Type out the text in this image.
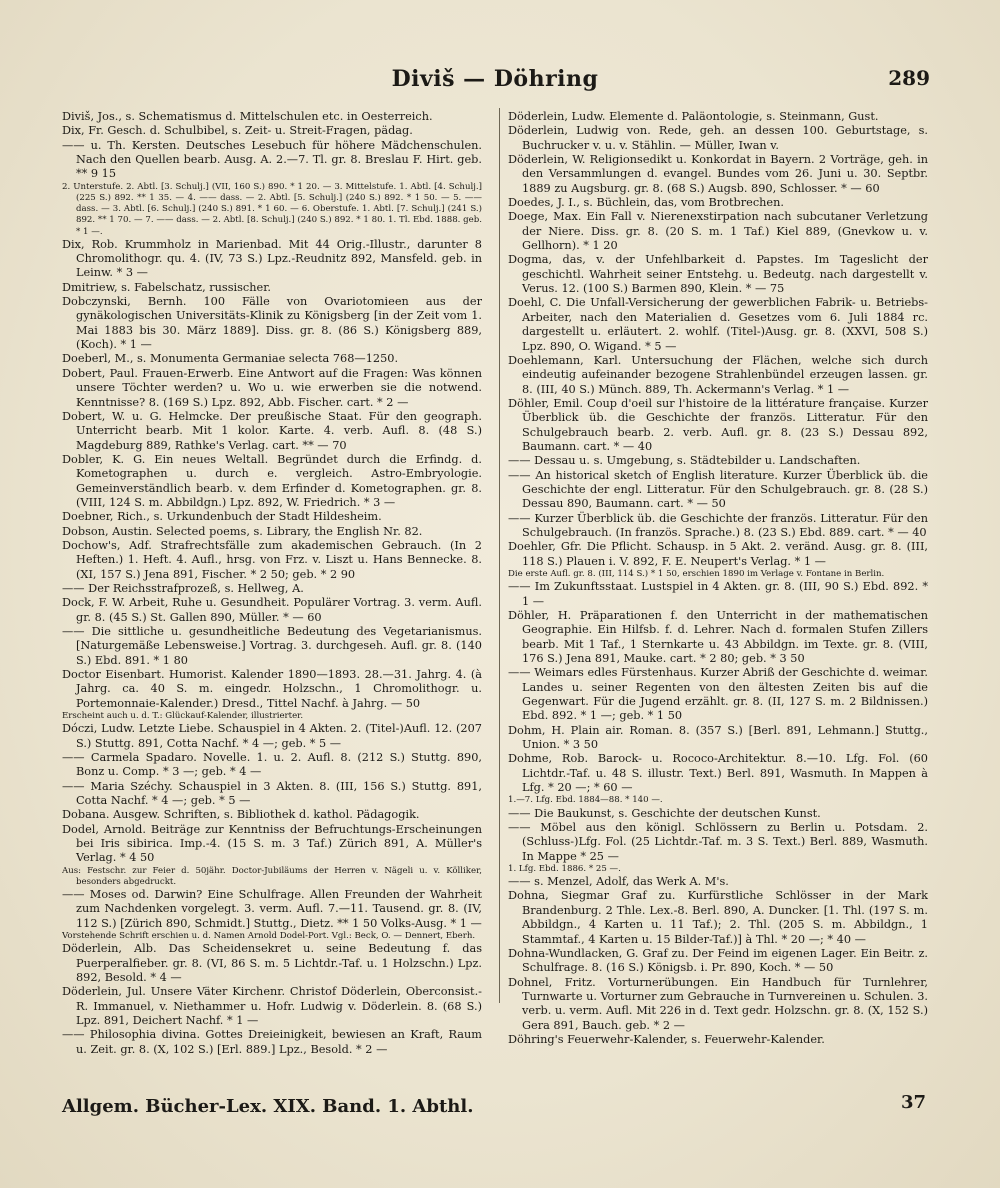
Diviš — Döhring	289

Diviš, Jos., s. Schematismus d. Mittelschulen etc. in Oesterreich.

Dix, Fr. Gesch. d. Schulbibel, s. Zeit- u. Streit-Fragen, pädag.

—— u. Th. Kersten. Deutsches Lesebuch für höhere Mädchenschulen. Nach den Quellen bearb. Ausg. A. 2.—7. Tl. gr. 8. Breslau F. Hirt. geb. ** 9 15

2. Unterstufe. 2. Abtl. [3. Schulj.] (VII, 160 S.) 890. * 1 20. — 3. Mittelstufe. 1. Abtl. [4. Schulj.] (225 S.) 892. ** 1 35. — 4. —— dass. — 2. Abtl. [5. Schulj.] (240 S.) 892. * 1 50. — 5. —— dass. — 3. Abtl. [6. Schulj.] (240 S.) 891. * 1 60. — 6. Oberstufe. 1. Abtl. [7. Schulj.] (241 S.) 892. ** 1 70. — 7. —— dass. — 2. Abtl. [8. Schulj.] (240 S.) 892. * 1 80. 1. Tl. Ebd. 1888. geb. * 1 —.

Dix, Rob. Krummholz in Marienbad. Mit 44 Orig.-Illustr., darunter 8 Chromolithogr. qu. 4. (IV, 73 S.) Lpz.-Reudnitz 892, Mansfeld. geb. in Leinw. * 3 —

Dmitriew, s. Fabelschatz, russischer.

Dobczynski, Bernh. 100 Fälle von Ovariotomieen aus der gynäkologischen Universitäts-Klinik zu Königsberg [in der Zeit vom 1. Mai 1883 bis 30. März 1889]. Diss. gr. 8. (86 S.) Königsberg 889, (Koch). * 1 —

Doeberl, M., s. Monumenta Germaniae selecta 768—1250.

Dobert, Paul. Frauen-Erwerb. Eine Antwort auf die Fragen: Was können unsere Töchter werden? u. Wo u. wie erwerben sie die notwend. Kenntnisse? 8. (169 S.) Lpz. 892, Abb. Fischer. cart. * 2 —

Dobert, W. u. G. Helmcke. Der preußische Staat. Für den geograph. Unterricht bearb. Mit 1 kolor. Karte. 4. verb. Aufl. 8. (48 S.) Magdeburg 889, Rathke's Verlag. cart. ** — 70

Dobler, K. G. Ein neues Weltall. Begründet durch die Erfindg. d. Kometographen u. durch e. vergleich. Astro-Embryologie. Gemeinverständlich bearb. v. dem Erfinder d. Kometographen. gr. 8. (VIII, 124 S. m. Abbildgn.) Lpz. 892, W. Friedrich. * 3 —

Doebner, Rich., s. Urkundenbuch der Stadt Hildesheim.

Dobson, Austin. Selected poems, s. Library, the English Nr. 82.

Dochow's, Adf. Strafrechtsfälle zum akademischen Gebrauch. (In 2 Heften.) 1. Heft. 4. Aufl., hrsg. von Frz. v. Liszt u. Hans Bennecke. 8. (XI, 157 S.) Jena 891, Fischer. * 2 50; geb. * 2 90

—— Der Reichsstrafprozeß, s. Hellweg, A.

Dock, F. W. Arbeit, Ruhe u. Gesundheit. Populärer Vortrag. 3. verm. Aufl. gr. 8. (45 S.) St. Gallen 890, Müller. * — 60

—— Die sittliche u. gesundheitliche Bedeutung des Vegetarianismus. [Naturgemäße Lebensweise.] Vortrag. 3. durchgeseh. Aufl. gr. 8. (140 S.) Ebd. 891. * 1 80

Doctor Eisenbart. Humorist. Kalender 1890—1893. 28.—31. Jahrg. 4. (à Jahrg. ca. 40 S. m. eingedr. Holzschn., 1 Chromolithogr. u. Portemonnaie-Kalender.) Dresd., Tittel Nachf. à Jahrg. — 50

Erscheint auch u. d. T.: Glückauf-Kalender, illustrierter.

Dóczi, Ludw. Letzte Liebe. Schauspiel in 4 Akten. 2. (Titel-)Aufl. 12. (207 S.) Stuttg. 891, Cotta Nachf. * 4 —; geb. * 5 —

—— Carmela Spadaro. Novelle. 1. u. 2. Aufl. 8. (212 S.) Stuttg. 890, Bonz u. Comp. * 3 —; geb. * 4 —

—— Maria Széchy. Schauspiel in 3 Akten. 8. (III, 156 S.) Stuttg. 891, Cotta Nachf. * 4 —; geb. * 5 —

Dobana. Ausgew. Schriften, s. Bibliothek d. kathol. Pädagogik.

Dodel, Arnold. Beiträge zur Kenntniss der Befruchtungs-Erscheinungen bei Iris sibirica. Imp.-4. (15 S. m. 3 Taf.) Zürich 891, A. Müller's Verlag. * 4 50

Aus: Festschr. zur Feier d. 50jähr. Doctor-Jubiläums der Herren v. Nägeli u. v. Kölliker, besonders abgedruckt.

—— Moses od. Darwin? Eine Schulfrage. Allen Freunden der Wahrheit zum Nachdenken vorgelegt. 3. verm. Aufl. 7.—11. Tausend. gr. 8. (IV, 112 S.) [Zürich 890, Schmidt.] Stuttg., Dietz. ** 1 50 Volks-Ausg. * 1 —

Vorstehende Schrift erschien u. d. Namen Arnold Dodel-Port. Vgl.: Beck, O. — Dennert, Eberh.

Döderlein, Alb. Das Scheidensekret u. seine Bedeutung f. das Puerperalfieber. gr. 8. (VI, 86 S. m. 5 Lichtdr.-Taf. u. 1 Holzschn.) Lpz. 892, Besold. * 4 —

Döderlein, Jul. Unsere Väter Kirchenr. Christof Döderlein, Oberconsist.-R. Immanuel, v. Niethammer u. Hofr. Ludwig v. Döderlein. 8. (68 S.) Lpz. 891, Deichert Nachf. * 1 —

—— Philosophia divina. Gottes Dreieinigkeit, bewiesen an Kraft, Raum u. Zeit. gr. 8. (X, 102 S.) [Erl. 889.] Lpz., Besold. * 2 —

Döderlein, Ludw. Elemente d. Paläontologie, s. Steinmann, Gust.

Döderlein, Ludwig von. Rede, geh. an dessen 100. Geburtstage, s. Buchrucker v. u. v. Stählin. — Müller, Iwan v.

Döderlein, W. Religionsedikt u. Konkordat in Bayern. 2 Vorträge, geh. in den Versammlungen d. evangel. Bundes vom 26. Juni u. 30. Septbr. 1889 zu Augsburg. gr. 8. (68 S.) Augsb. 890, Schlosser. * — 60

Doedes, J. I., s. Büchlein, das, vom Brotbrechen.

Doege, Max. Ein Fall v. Nierenexstirpation nach subcutaner Verletzung der Niere. Diss. gr. 8. (20 S. m. 1 Taf.) Kiel 889, (Gnevkow u. v. Gellhorn). * 1 20

Dogma, das, v. der Unfehlbarkeit d. Papstes. Im Tageslicht der geschichtl. Wahrheit seiner Entstehg. u. Bedeutg. nach dargestellt v. Verus. 12. (100 S.) Barmen 890, Klein. * — 75

Doehl, C. Die Unfall-Versicherung der gewerblichen Fabrik- u. Betriebs-Arbeiter, nach den Materialien d. Gesetzes vom 6. Juli 1884 rc. dargestellt u. erläutert. 2. wohlf. (Titel-)Ausg. gr. 8. (XXVI, 508 S.) Lpz. 890, O. Wigand. * 5 —

Doehlemann, Karl. Untersuchung der Flächen, welche sich durch eindeutig aufeinander bezogene Strahlenbündel erzeugen lassen. gr. 8. (III, 40 S.) Münch. 889, Th. Ackermann's Verlag. * 1 —

Döhler, Emil. Coup d'oeil sur l'histoire de la littérature française. Kurzer Überblick üb. die Geschichte der französ. Litteratur. Für den Schulgebrauch bearb. 2. verb. Aufl. gr. 8. (23 S.) Dessau 892, Baumann. cart. * — 40

—— Dessau u. s. Umgebung, s. Städtebilder u. Landschaften.

—— An historical sketch of English literature. Kurzer Überblick üb. die Geschichte der engl. Litteratur. Für den Schulgebrauch. gr. 8. (28 S.) Dessau 890, Baumann. cart. * — 50

—— Kurzer Überblick üb. die Geschichte der französ. Litteratur. Für den Schulgebrauch. (In französ. Sprache.) 8. (23 S.) Ebd. 889. cart. * — 40

Doehler, Gfr. Die Pflicht. Schausp. in 5 Akt. 2. veränd. Ausg. gr. 8. (III, 118 S.) Plauen i. V. 892, F. E. Neupert's Verlag. * 1 —

Die erste Aufl. gr. 8. (III, 114 S.) * 1 50, erschien 1890 im Verlage v. Fontane in Berlin.

—— Im Zukunftsstaat. Lustspiel in 4 Akten. gr. 8. (III, 90 S.) Ebd. 892. * 1 —

Döhler, H. Präparationen f. den Unterricht in der mathematischen Geographie. Ein Hilfsb. f. d. Lehrer. Nach d. formalen Stufen Zillers bearb. Mit 1 Taf., 1 Sternkarte u. 43 Abbildgn. im Texte. gr. 8. (VIII, 176 S.) Jena 891, Mauke. cart. * 2 80; geb. * 3 50

—— Weimars edles Fürstenhaus. Kurzer Abriß der Geschichte d. weimar. Landes u. seiner Regenten von den ältesten Zeiten bis auf die Gegenwart. Für die Jugend erzählt. gr. 8. (II, 127 S. m. 2 Bildnissen.) Ebd. 892. * 1 —; geb. * 1 50

Dohm, H. Plain air. Roman. 8. (357 S.) [Berl. 891, Lehmann.] Stuttg., Union. * 3 50

Dohme, Rob. Barock- u. Rococo-Architektur. 8.—10. Lfg. Fol. (60 Lichtdr.-Taf. u. 48 S. illustr. Text.) Berl. 891, Wasmuth. In Mappen à Lfg. * 20 —; * 60 —

1.—7. Lfg. Ebd. 1884—88. * 140 —.

—— Die Baukunst, s. Geschichte der deutschen Kunst.

—— Möbel aus den königl. Schlössern zu Berlin u. Potsdam. 2. (Schluss-)Lfg. Fol. (25 Lichtdr.-Taf. m. 3 S. Text.) Berl. 889, Wasmuth. In Mappe * 25 —

1. Lfg. Ebd. 1886. * 25 —.

—— s. Menzel, Adolf, das Werk A. M's.

Dohna, Siegmar Graf zu. Kurfürstliche Schlösser in der Mark Brandenburg. 2 Thle. Lex.-8. Berl. 890, A. Duncker. [1. Thl. (197 S. m. Abbildgn., 4 Karten u. 11 Taf.); 2. Thl. (205 S. m. Abbildgn., 1 Stammtaf., 4 Karten u. 15 Bilder-Taf.)] à Thl. * 20 —; * 40 —

Dohna-Wundlacken, G. Graf zu. Der Feind im eigenen Lager. Ein Beitr. z. Schulfrage. 8. (16 S.) Königsb. i. Pr. 890, Koch. * — 50

Dohnel, Fritz. Vorturnerübungen. Ein Handbuch für Turnlehrer, Turnwarte u. Vorturner zum Gebrauche in Turnvereinen u. Schulen. 3. verb. u. verm. Aufl. Mit 226 in d. Text gedr. Holzschn. gr. 8. (X, 152 S.) Gera 891, Bauch. geb. * 2 —

Döhring's Feuerwehr-Kalender, s. Feuerwehr-Kalender.

Allgem. Bücher-Lex. XIX. Band. 1. Abthl.	37
